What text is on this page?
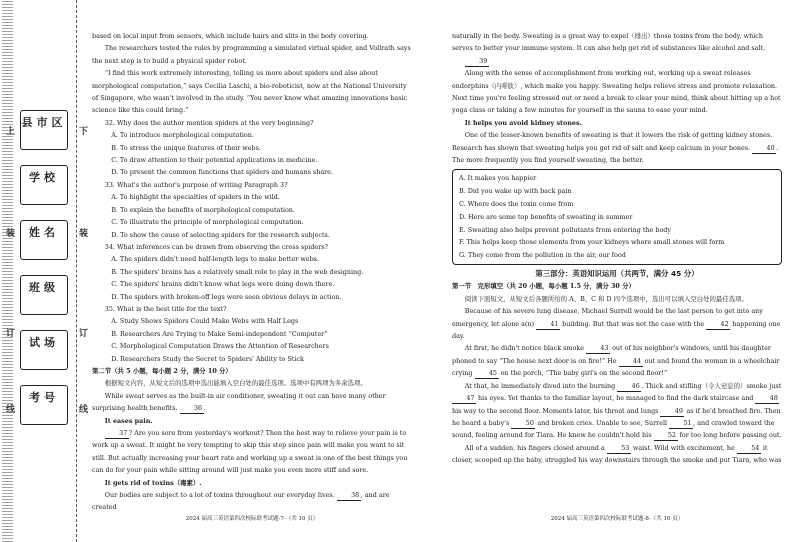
县市区
学校
姓名
班级
试场
考号
上
装
订
线
下
装
订
线

based on local input from sensors, which include hairs and slits in the body covering.

The researchers tested the rules by programming a simulated virtual spider, and Vollrath says the next step is to build a physical spider robot.

“I find this work extremely interesting, telling us more about spiders and also about morphological computation,” says Cecilia Laschi, a bio-roboticist, now at the National University of Singapore, who wasn't involved in the study. “You never know what amazing innovations basic science like this could bring.”

32. Why does the author mention spiders at the very beginning?

A. To introduce morphological computation.

B. To stress the unique features of their webs.

C. To draw attention to their potential applications in medicine.

D. To present the common functions that spiders and humans share.

33. What's the author's purpose of writing Paragraph 3?

A. To highlight the specialties of spiders in the wild.

B. To explain the benefits of morphological computation.

C. To illustrate the principle of morphological computation.

D. To show the cause of selecting spiders for the research subjects.

34. What inferences can be drawn from observing the cross spiders?

A. The spiders didn't need half-length legs to make better webs.

B. The spiders' brains has a relatively small role to play in the web designing.

C. The spiders' brains didn't know what legs were doing down there.

D. The spiders with broken-off legs were seen obvious delays in action.

35. What is the best title for the text?

A. Study Shows Spiders Could Make Webs with Half Legs

B. Researchers Are Trying to Make Semi-independent “Computer”

C. Morphological Computation Draws the Attention of Researchers

D. Researchers Study the Secret to Spiders' Ability to Stick

第二节（共 5 小题，每小题 2 分，满分 10 分）

根据短文内容，从短文后的选项中选出能填入空白处的最佳选项。选项中有两项为多余选项。

While sweat serves as the built-in air conditioner, sweating it out can have many other surprising health benefits.	36 .

It eases pain.

37 ? Are you sore from yesterday's workout? Then the best way to relieve your pain is to work up a sweat. It might be very tempting to skip this step since pain will make you want to sit still. But actually increasing your heart rate and working up a sweat is one of the best things you can do for your pain while sitting around will just make you even more stiff and sore.

It gets rid of toxins（毒素）.

Our bodies are subject to a lot of toxins throughout our everyday lives.	38 , and are created

2024 届高三英语第四次校际联考试题-7-（共 10 页）

naturally in the body. Sweating is a great way to expel（排出）those toxins from the body, which serves to better your immune system. It can also help get rid of substances like alcohol and salt.

39

Along with the sense of accomplishment from working out, working up a sweat releases endorphins（内啡肽）, which make you happy. Sweating helps relieve stress and promote relaxation. Next time you're feeling stressed out or need a break to clear your mind, think about hitting up a hot yoga class or taking a few minutes for yourself in the sauna to ease your mind.

It helps you avoid kidney stones.

One of the lesser-known benefits of sweating is that it lowers the risk of getting kidney stones. Research has shown that sweating helps you get rid of salt and keep calcium in your bones.	40 . The more frequently you find yourself sweating, the better.

A. It makes you happier

B. Did you wake up with back pain

C. Where does the toxin come from

D. Here are some top benefits of sweating in summer

E. Sweating also helps prevent pollutants from entering the body

F. This helps keep those elements from your kidneys where small stones will form

G. They come from the pollution in the air, our food

第三部分：英语知识运用（共两节，满分 45 分）

第一节　完形填空（共 20 小题，每小题 1.5 分，满分 30 分）

阅读下面短文，从短文后各题所给的 A、B、C 和 D 四个选项中，选出可以填入空白处的最佳选项。

Because of his severe lung disease, Michael Surrell would be the last person to get into any emergency, let alone a(n) 41 building. But that was not the case with the 42 happening one day.

At first, he didn't notice black smoke 43 out of his neighbor's windows, until his daughter phoned to say “The house next door is on fire!” He 44 out and found the woman in a wheelchair crying 45 on the porch, “The baby girl's on the second floor!”

At that, he immediately dived into the burning 46 . Thick and stifling（令人窒息的）smoke just 47 his eyes. Yet thanks to the familiar layout, he managed to find the dark staircase and 48 his way to the second floor. Moments later, his throat and lungs 49 as if he'd breathed fire. Then he heard a baby's 50 and broken cries. Unable to see, Surrell 51 , and crawled toward the sound, feeling around for Tiara. He knew he couldn't hold his 52 for too long before passing out.

All of a sudden, his fingers closed around a 53 waist. Wild with excitement, he 54 it closer, scooped up the baby, struggled his way downstairs through the smoke and put Tiara, who was

2024 届高三英语第四次校际联考试题-8-（共 10 页）
